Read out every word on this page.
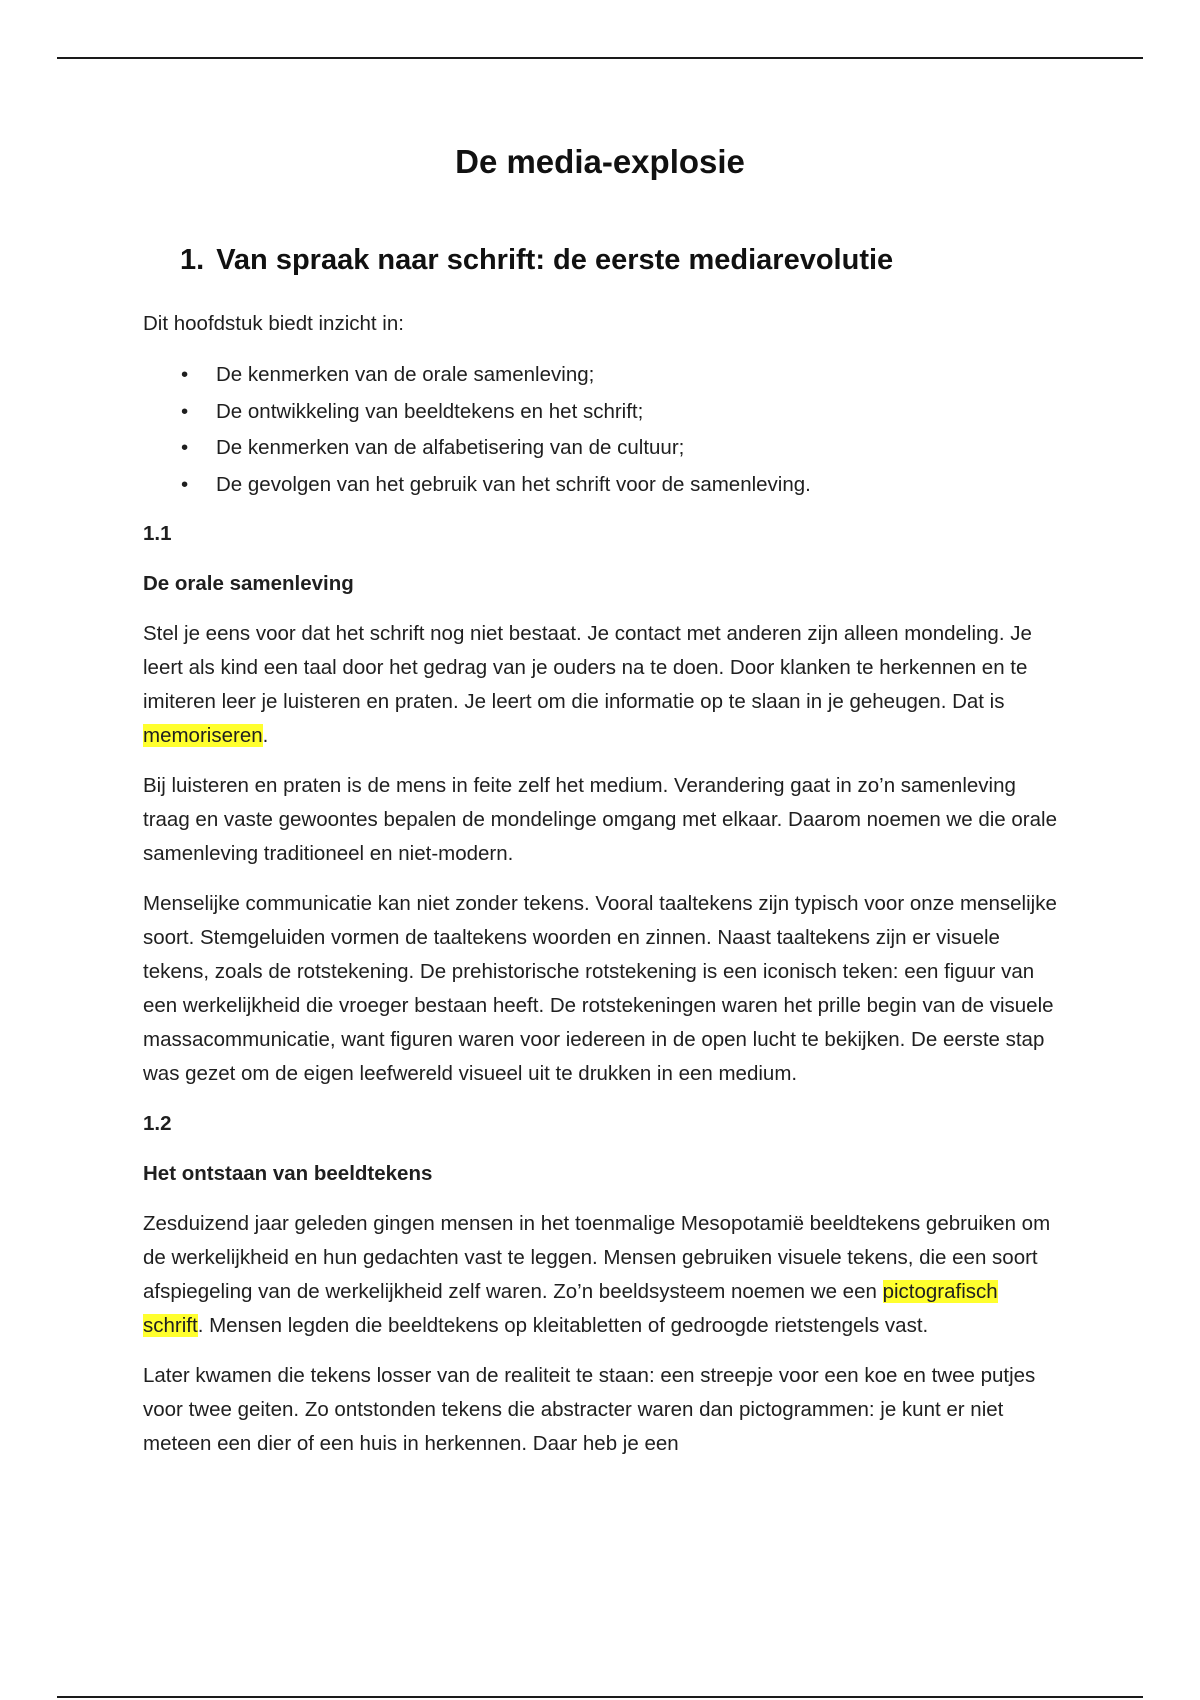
De media-explosie
1. Van spraak naar schrift: de eerste mediarevolutie

Dit hoofdstuk biedt inzicht in:

• De kenmerken van de orale samenleving;
• De ontwikkeling van beeldtekens en het schrift;
• De kenmerken van de alfabetisering van de cultuur;
• De gevolgen van het gebruik van het schrift voor de samenleving.

1.1

De orale samenleving

Stel je eens voor dat het schrift nog niet bestaat. Je contact met anderen zijn alleen mondeling. Je leert als kind een taal door het gedrag van je ouders na te doen. Door klanken te herkennen en te imiteren leer je luisteren en praten. Je leert om die informatie op te slaan in je geheugen. Dat is memoriseren.

Bij luisteren en praten is de mens in feite zelf het medium. Verandering gaat in zo’n samenleving traag en vaste gewoontes bepalen de mondelinge omgang met elkaar. Daarom noemen we die orale samenleving traditioneel en niet-modern.

Menselijke communicatie kan niet zonder tekens. Vooral taaltekens zijn typisch voor onze menselijke soort. Stemgeluiden vormen de taaltekens woorden en zinnen. Naast taaltekens zijn er visuele tekens, zoals de rotstekening. De prehistorische rotstekening is een iconisch teken: een figuur van een werkelijkheid die vroeger bestaan heeft. De rotstekeningen waren het prille begin van de visuele massacommunicatie, want figuren waren voor iedereen in de open lucht te bekijken. De eerste stap was gezet om de eigen leefwereld visueel uit te drukken in een medium.

1.2

Het ontstaan van beeldtekens

Zesduizend jaar geleden gingen mensen in het toenmalige Mesopotamië beeldtekens gebruiken om de werkelijkheid en hun gedachten vast te leggen. Mensen gebruiken visuele tekens, die een soort afspiegeling van de werkelijkheid zelf waren. Zo’n beeldsysteem noemen we een pictografisch schrift. Mensen legden die beeldtekens op kleitabletten of gedroogde rietstengels vast.

Later kwamen die tekens losser van de realiteit te staan: een streepje voor een koe en twee putjes voor twee geiten. Zo ontstonden tekens die abstracter waren dan pictogrammen: je kunt er niet meteen een dier of een huis in herkennen. Daar heb je een
